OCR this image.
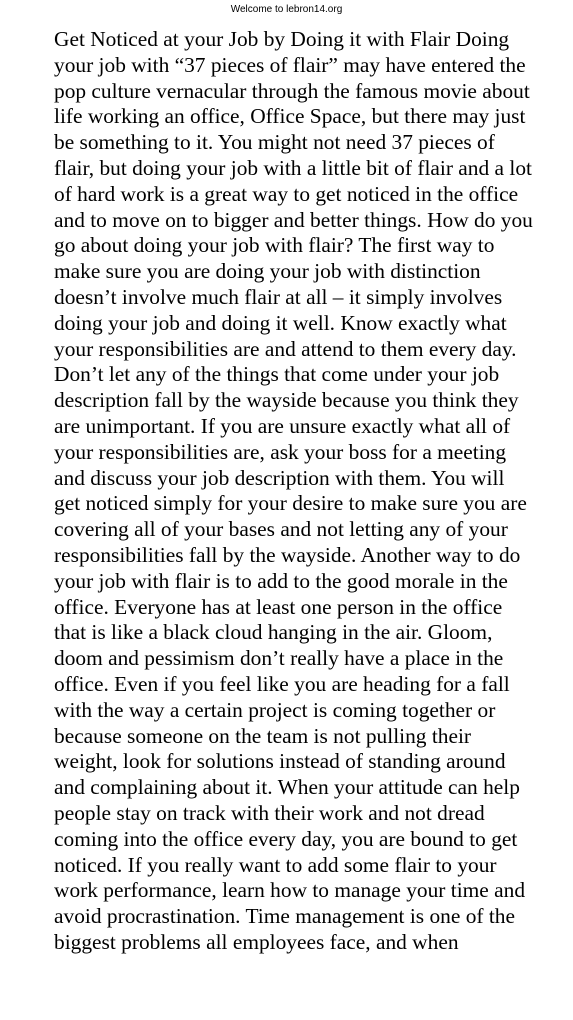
Welcome to lebron14.org
Get Noticed at your Job by Doing it with Flair Doing your job with “37 pieces of flair” may have entered the pop culture vernacular through the famous movie about life working an office, Office Space, but there may just be something to it. You might not need 37 pieces of flair, but doing your job with a little bit of flair and a lot of hard work is a great way to get noticed in the office and to move on to bigger and better things. How do you go about doing your job with flair? The first way to make sure you are doing your job with distinction doesn’t involve much flair at all – it simply involves doing your job and doing it well. Know exactly what your responsibilities are and attend to them every day. Don’t let any of the things that come under your job description fall by the wayside because you think they are unimportant. If you are unsure exactly what all of your responsibilities are, ask your boss for a meeting and discuss your job description with them. You will get noticed simply for your desire to make sure you are covering all of your bases and not letting any of your responsibilities fall by the wayside. Another way to do your job with flair is to add to the good morale in the office. Everyone has at least one person in the office that is like a black cloud hanging in the air. Gloom, doom and pessimism don’t really have a place in the office. Even if you feel like you are heading for a fall with the way a certain project is coming together or because someone on the team is not pulling their weight, look for solutions instead of standing around and complaining about it. When your attitude can help people stay on track with their work and not dread coming into the office every day, you are bound to get noticed. If you really want to add some flair to your work performance, learn how to manage your time and avoid procrastination. Time management is one of the biggest problems all employees face, and when
